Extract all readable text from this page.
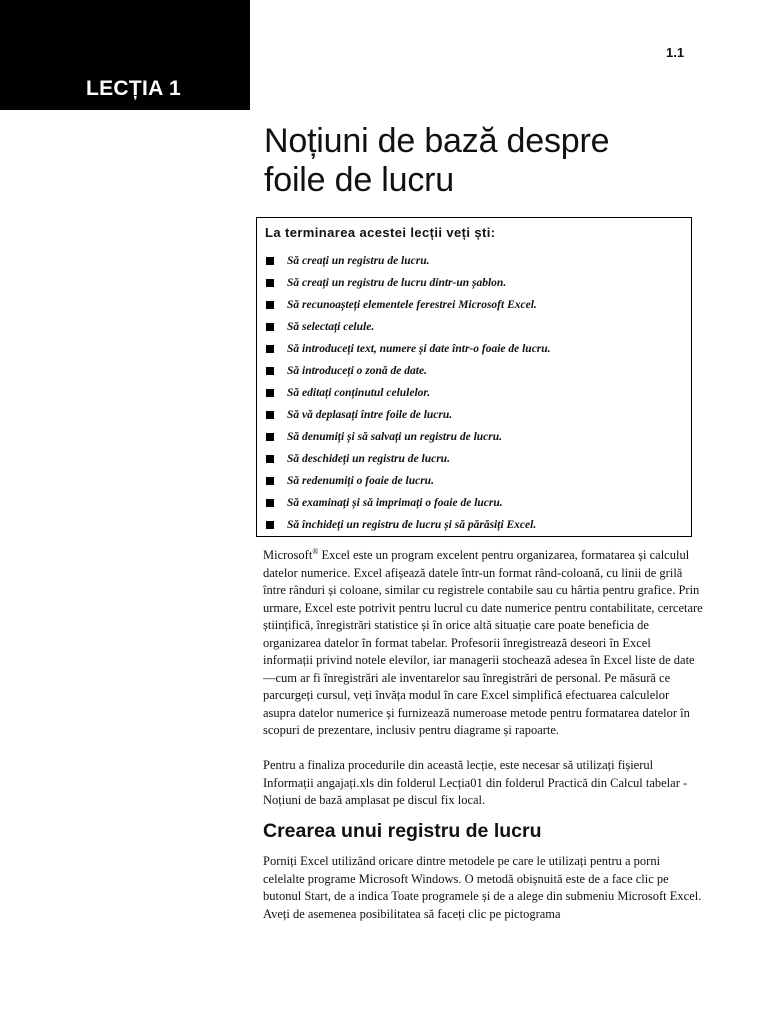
LECȚIA 1
1.1
Noțiuni de bază despre
foile de lucru
La terminarea acestei lecții veți ști:
Să creați un registru de lucru.
Să creați un registru de lucru dintr-un șablon.
Să recunoașteți elementele ferestrei Microsoft Excel.
Să selectați celule.
Să introduceți text, numere și date într-o foaie de lucru.
Să introduceți o zonă de date.
Să editați conținutul celulelor.
Să vă deplasați între foile de lucru.
Să denumiți și să salvați un registru de lucru.
Să deschideți un registru de lucru.
Să redenumiți o foaie de lucru.
Să examinați și să imprimați o foaie de lucru.
Să închideți un registru de lucru și să părăsiți Excel.

Microsoft® Excel este un program excelent pentru organizarea, formatarea și calculul datelor numerice. Excel afișează datele într-un format rând-coloană, cu linii de grilă între rânduri și coloane, similar cu registrele contabile sau cu hârtia pentru grafice. Prin urmare, Excel este potrivit pentru lucrul cu date numerice pentru contabilitate, cercetare științifică, înregistrări statistice și în orice altă situație care poate beneficia de organizarea datelor în format tabelar. Profesorii înregistrează deseori în Excel informații privind notele elevilor, iar managerii stochează adesea în Excel liste de date—cum ar fi înregistrări ale inventarelor sau înregistrări de personal. Pe măsură ce parcurgeți cursul, veți învăța modul în care Excel simplifică efectuarea calculelor asupra datelor numerice și furnizează numeroase metode pentru formatarea datelor în scopuri de prezentare, inclusiv pentru diagrame și rapoarte.

Pentru a finaliza procedurile din această lecție, este necesar să utilizați fișierul Informații angajați.xls din folderul Lecția01 din folderul Practică din Calcul tabelar - Noțiuni de bază amplasat pe discul fix local.

Crearea unui registru de lucru

Porniți Excel utilizând oricare dintre metodele pe care le utilizați pentru a porni celelalte programe Microsoft Windows. O metodă obișnuită este de a face clic pe butonul Start, de a indica Toate programele și de a alege din submeniu Microsoft Excel. Aveți de asemenea posibilitatea să faceți clic pe pictograma
